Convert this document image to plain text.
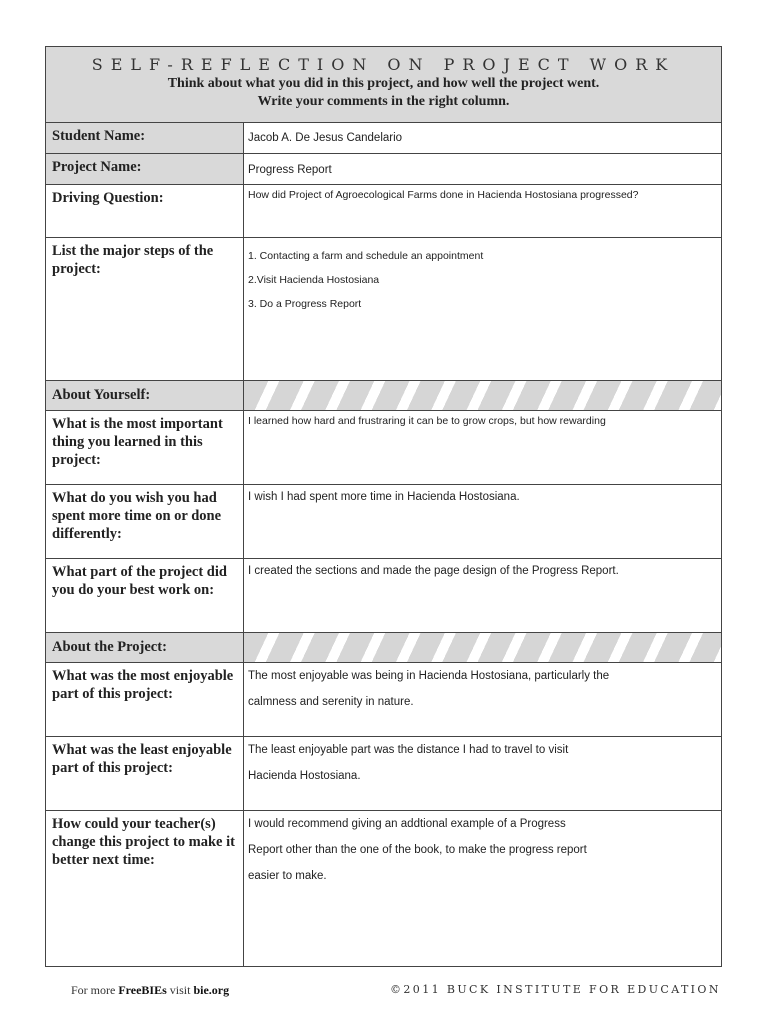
SELF-REFLECTION ON PROJECT WORK
Think about what you did in this project, and how well the project went.
Write your comments in the right column.
Student Name:	Jacob A. De Jesus Candelario
Project Name:	Progress Report
Driving Question:	How did Project of Agroecological Farms done in Hacienda Hostosiana progressed?
List the major steps of the project:
1. Contacting a farm and schedule an appointment
2.Visit Hacienda Hostosiana
3. Do a Progress Report
About Yourself:
What is the most important thing you learned in this project:
I learned how hard and frustraring it can be to grow crops, but how rewarding
What do you wish you had spent more time on or done differently:
I wish I had spent more time in Hacienda Hostosiana.
What part of the project did you do your best work on:
I created the sections and made the page design of the Progress Report.
About the Project:
What was the most enjoyable part of this project:
The most enjoyable was being in Hacienda Hostosiana, particularly the
calmness and serenity in nature.
What was the least enjoyable part of this project:
The least enjoyable part was the distance I had to travel to visit
Hacienda Hostosiana.
How could your teacher(s) change this project to make it better next time:
I would recommend giving an addtional example of a Progress
Report other than the one of the book, to make the progress report
easier to make.
For more FreeBIEs visit bie.org	©2011 BUCK INSTITUTE FOR EDUCATION
